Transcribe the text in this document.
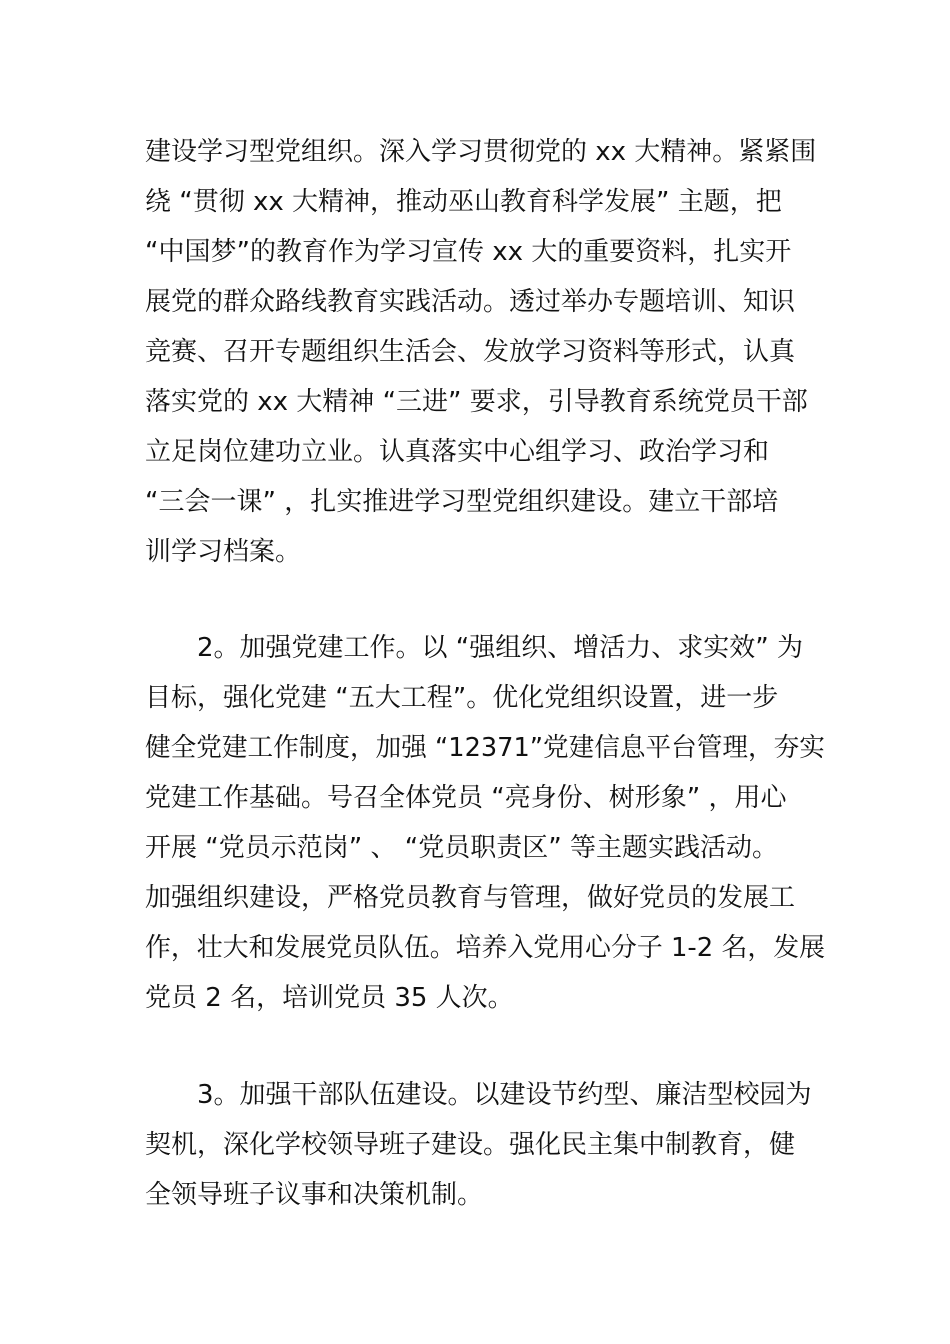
建设学习型党组织。深入学习贯彻党的 xx 大精神。紧紧围
绕 “贯彻 xx 大精神，推动巫山教育科学发展” 主题，把
“中国梦”的教育作为学习宣传 xx 大的重要资料，扎实开
展党的群众路线教育实践活动。透过举办专题培训、知识
竞赛、召开专题组织生活会、发放学习资料等形式，认真
落实党的 xx 大精神 “三进” 要求，引导教育系统党员干部
立足岗位建功立业。认真落实中心组学习、政治学习和
“三会一课” ，扎实推进学习型党组织建设。建立干部培
训学习档案。
2。加强党建工作。以 “强组织、增活力、求实效” 为
目标，强化党建 “五大工程”。优化党组织设置，进一步
健全党建工作制度，加强 “12371”党建信息平台管理，夯实
党建工作基础。号召全体党员 “亮身份、树形象” ，用心
开展 “党员示范岗” 、 “党员职责区” 等主题实践活动。
加强组织建设，严格党员教育与管理，做好党员的发展工
作，壮大和发展党员队伍。培养入党用心分子 1-2 名，发展
党员 2 名，培训党员 35 人次。
3。加强干部队伍建设。以建设节约型、廉洁型校园为
契机，深化学校领导班子建设。强化民主集中制教育，健
全领导班子议事和决策机制。
